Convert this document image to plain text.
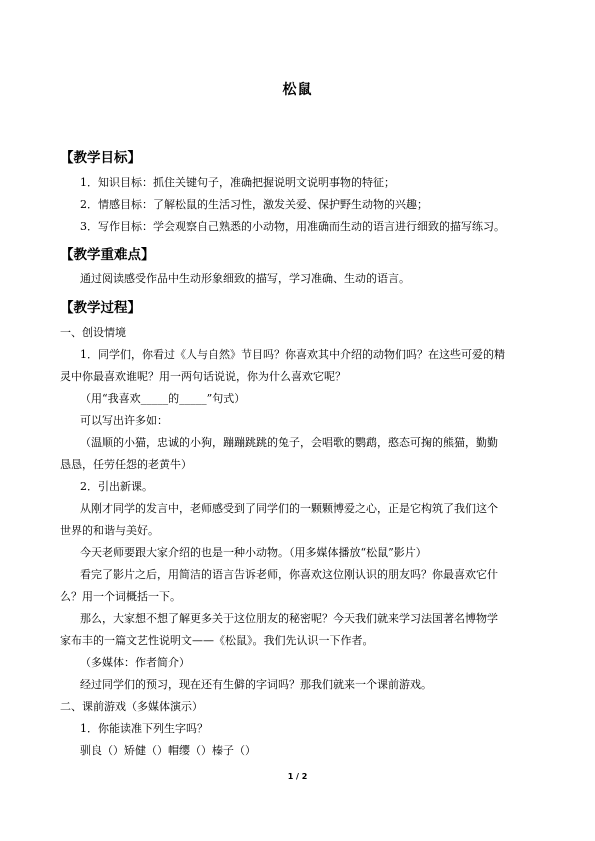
松鼠
【教学目标】
1．知识目标：抓住关键句子，准确把握说明文说明事物的特征；
2．情感目标：了解松鼠的生活习性，激发关爱、保护野生动物的兴趣；
3．写作目标：学会观察自己熟悉的小动物，用准确而生动的语言进行细致的描写练习。
【教学重难点】
通过阅读感受作品中生动形象细致的描写，学习准确、生动的语言。
【教学过程】
一、创设情境
1．同学们，你看过《人与自然》节目吗？你喜欢其中介绍的动物们吗？在这些可爱的精
灵中你最喜欢谁呢？用一两句话说说，你为什么喜欢它呢？
（用“我喜欢_____的_____”句式）
可以写出许多如：
（温顺的小猫，忠诚的小狗，蹦蹦跳跳的兔子，会唱歌的鹦鹉，憨态可掬的熊猫，勤勤
恳恳，任劳任怨的老黄牛）
2．引出新课。
从刚才同学的发言中，老师感受到了同学们的一颗颗博爱之心，正是它构筑了我们这个
世界的和谐与美好。
今天老师要跟大家介绍的也是一种小动物。（用多媒体播放“松鼠”影片）
看完了影片之后，用简洁的语言告诉老师，你喜欢这位刚认识的朋友吗？你最喜欢它什
么？用一个词概括一下。
那么，大家想不想了解更多关于这位朋友的秘密呢？今天我们就来学习法国著名博物学
家布丰的一篇文艺性说明文——《松鼠》。我们先认识一下作者。
（多媒体：作者简介）
经过同学们的预习，现在还有生僻的字词吗？那我们就来一个课前游戏。
二、课前游戏（多媒体演示）
1．你能读准下列生字吗？
驯良（）矫健（）帽缨（）榛子（）
1 / 2
